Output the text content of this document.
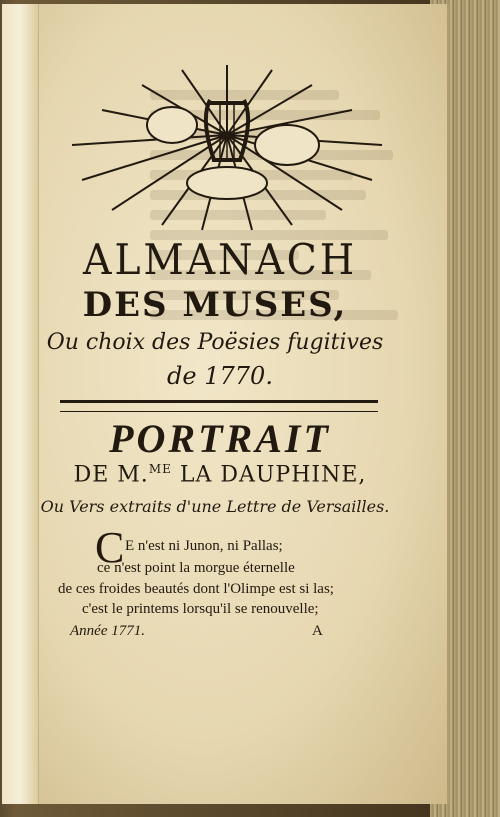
ALMANACH
DES MUSES,
Ou choix des Poësies fugitives
de 1770.
PORTRAIT
DE M.$^{ME}$ LA DAUPHINE,
Ou Vers extraits d'une Lettre de Versailles.
C E n'est ni Junon, ni Pallas;
ce n'est point la morgue éternelle
de ces froides beautés dont l'Olimpe est si las;
c'est le printems lorsqu'il se renouvelle;
Année 1771.	A
